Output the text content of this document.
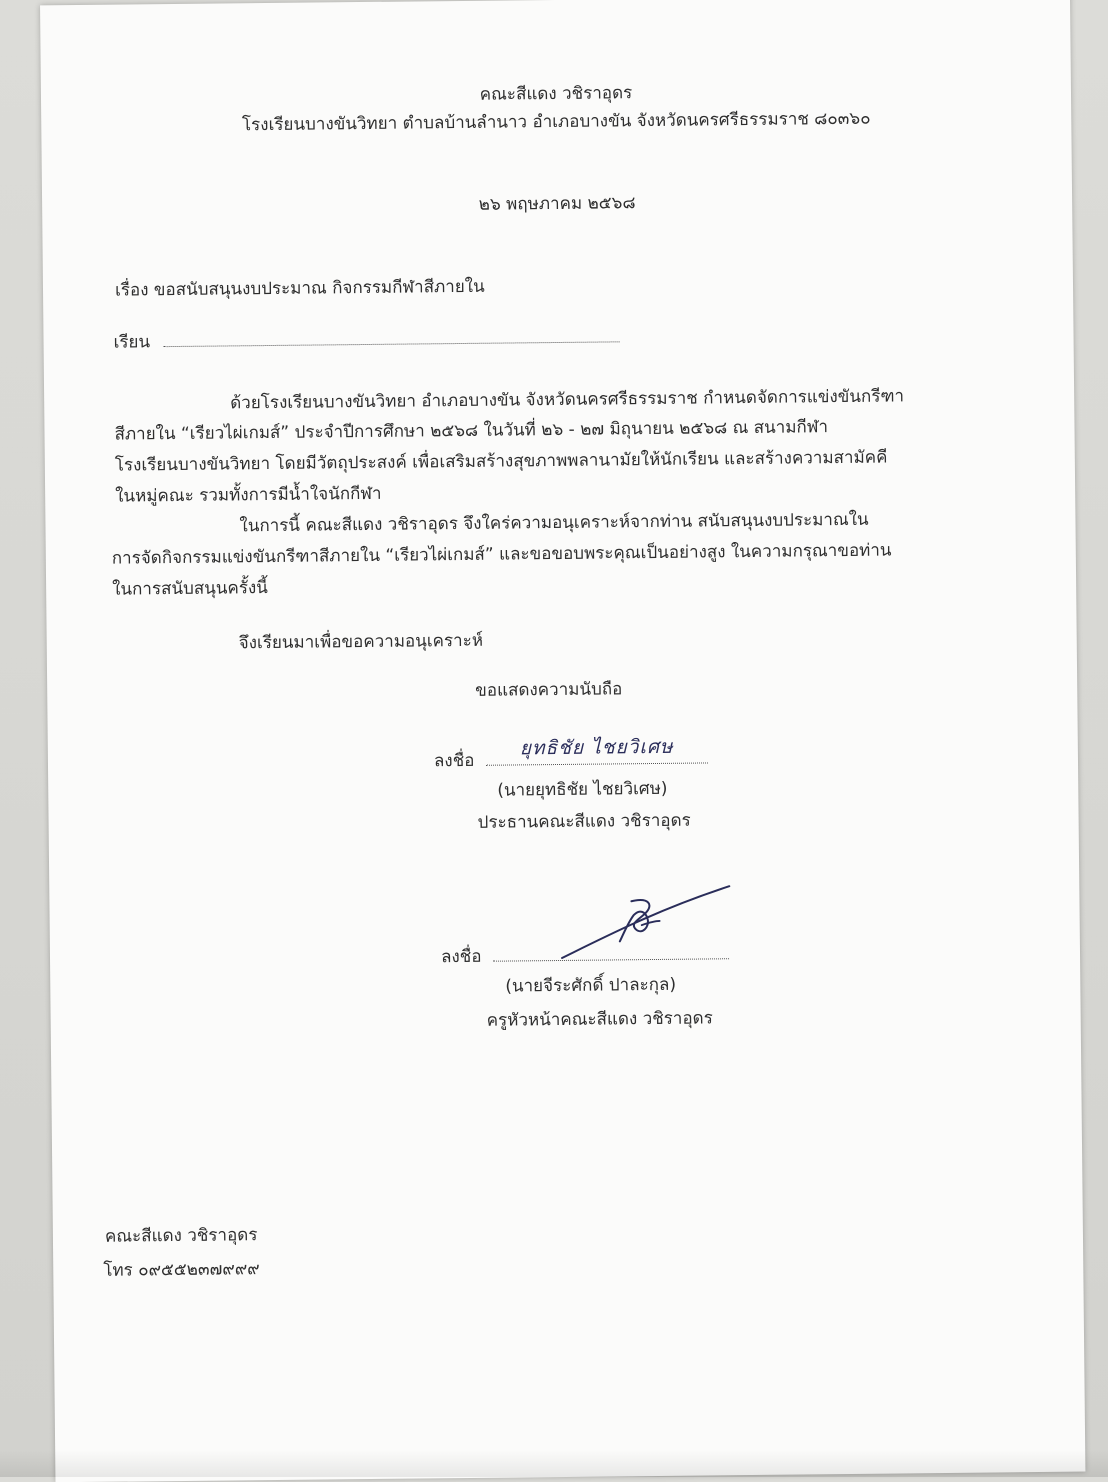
คณะสีแดง วชิราอุดร
โรงเรียนบางขันวิทยา ตำบลบ้านลำนาว อำเภอบางขัน จังหวัดนครศรีธรรมราช ๘๐๓๖๐
๒๖ พฤษภาคม ๒๕๖๘
เรื่อง ขอสนับสนุนงบประมาณ กิจกรรมกีฬาสีภายใน
เรียน
ด้วยโรงเรียนบางขันวิทยา อำเภอบางขัน จังหวัดนครศรีธรรมราช กำหนดจัดการแข่งขันกรีฑา
สีภายใน “เรียวไผ่เกมส์” ประจำปีการศึกษา ๒๕๖๘ ในวันที่ ๒๖ - ๒๗ มิถุนายน ๒๕๖๘ ณ สนามกีฬา
โรงเรียนบางขันวิทยา โดยมีวัตถุประสงค์ เพื่อเสริมสร้างสุขภาพพลานามัยให้นักเรียน และสร้างความสามัคคี
ในหมู่คณะ รวมทั้งการมีน้ำใจนักกีฬา
ในการนี้ คณะสีแดง วชิราอุดร จึงใคร่ความอนุเคราะห์จากท่าน สนับสนุนงบประมาณใน
การจัดกิจกรรมแข่งขันกรีฑาสีภายใน “เรียวไผ่เกมส์” และขอขอบพระคุณเป็นอย่างสูง ในความกรุณาขอท่าน
ในการสนับสนุนครั้งนี้
จึงเรียนมาเพื่อขอความอนุเคราะห์
ขอแสดงความนับถือ
ลงชื่อ
ยุทธิชัย ไชยวิเศษ
(นายยุทธิชัย ไชยวิเศษ)
ประธานคณะสีแดง วชิราอุดร
ลงชื่อ
(นายจีระศักดิ์ ปาละกุล)
ครูหัวหน้าคณะสีแดง วชิราอุดร
คณะสีแดง วชิราอุดร
โทร ๐๙๕๕๒๓๗๙๙๙
